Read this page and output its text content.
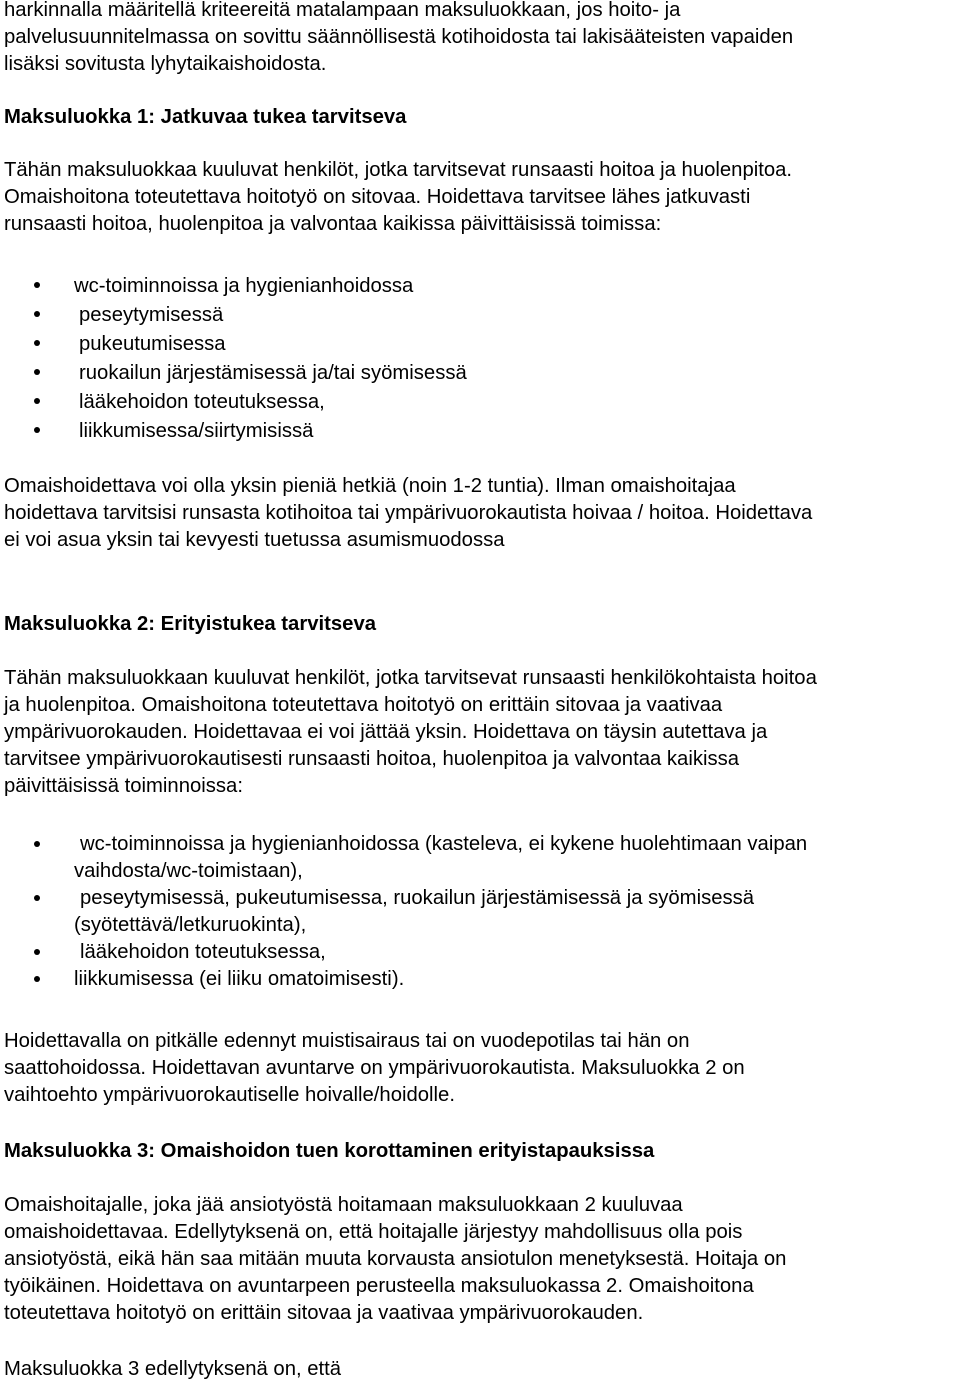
harkinnalla määritellä kriteereitä matalampaan maksuluokkaan, jos hoito- ja
palvelusuunnitelmassa on sovittu säännöllisestä kotihoidosta tai lakisääteisten vapaiden
lisäksi sovitusta lyhytaikaishoidosta.
Maksuluokka 1: Jatkuvaa tukea tarvitseva
Tähän maksuluokkaa kuuluvat henkilöt, jotka tarvitsevat runsaasti hoitoa ja huolenpitoa.
Omaishoitona toteutettava hoitotyö on sitovaa. Hoidettava tarvitsee lähes jatkuvasti
runsaasti hoitoa, huolenpitoa ja valvontaa kaikissa päivittäisissä toimissa:
wc-toiminnoissa ja hygienianhoidossa
peseytymisessä
pukeutumisessa
ruokailun järjestämisessä ja/tai syömisessä
lääkehoidon toteutuksessa,
liikkumisessa/siirtymisissä
Omaishoidettava voi olla yksin pieniä hetkiä (noin 1-2 tuntia). Ilman omaishoitajaa
hoidettava tarvitsisi runsasta kotihoitoa tai ympärivuorokautista hoivaa / hoitoa. Hoidettava
ei voi asua yksin tai kevyesti tuetussa asumismuodossa
Maksuluokka 2: Erityistukea tarvitseva
Tähän maksuluokkaan kuuluvat henkilöt, jotka tarvitsevat runsaasti henkilökohtaista hoitoa
ja huolenpitoa. Omaishoitona toteutettava hoitotyö on erittäin sitovaa ja vaativaa
ympärivuorokauden. Hoidettavaa ei voi jättää yksin. Hoidettava on täysin autettava ja
tarvitsee ympärivuorokautisesti runsaasti hoitoa, huolenpitoa ja valvontaa kaikissa
päivittäisissä toiminnoissa:
wc-toiminnoissa ja hygienianhoidossa (kasteleva, ei kykene huolehtimaan vaipan
vaihdosta/wc-toimistaan),
peseytymisessä, pukeutumisessa, ruokailun järjestämisessä ja syömisessä
(syötettävä/letkuruokinta),
lääkehoidon toteutuksessa,
liikkumisessa (ei liiku omatoimisesti).
Hoidettavalla on pitkälle edennyt muistisairaus tai on vuodepotilas tai hän on
saattohoidossa. Hoidettavan avuntarve on ympärivuorokautista. Maksuluokka 2 on
vaihtoehto ympärivuorokautiselle hoivalle/hoidolle.
Maksuluokka 3: Omaishoidon tuen korottaminen erityistapauksissa
Omaishoitajalle, joka jää ansiotyöstä hoitamaan maksuluokkaan 2 kuuluvaa
omaishoidettavaa. Edellytyksenä on, että hoitajalle järjestyy mahdollisuus olla pois
ansiotyöstä, eikä hän saa mitään muuta korvausta ansiotulon menetyksestä. Hoitaja on
työikäinen. Hoidettava on avuntarpeen perusteella maksuluokassa 2. Omaishoitona
toteutettava hoitotyö on erittäin sitovaa ja vaativaa ympärivuorokauden.
Maksuluokka 3 edellytyksenä on, että
